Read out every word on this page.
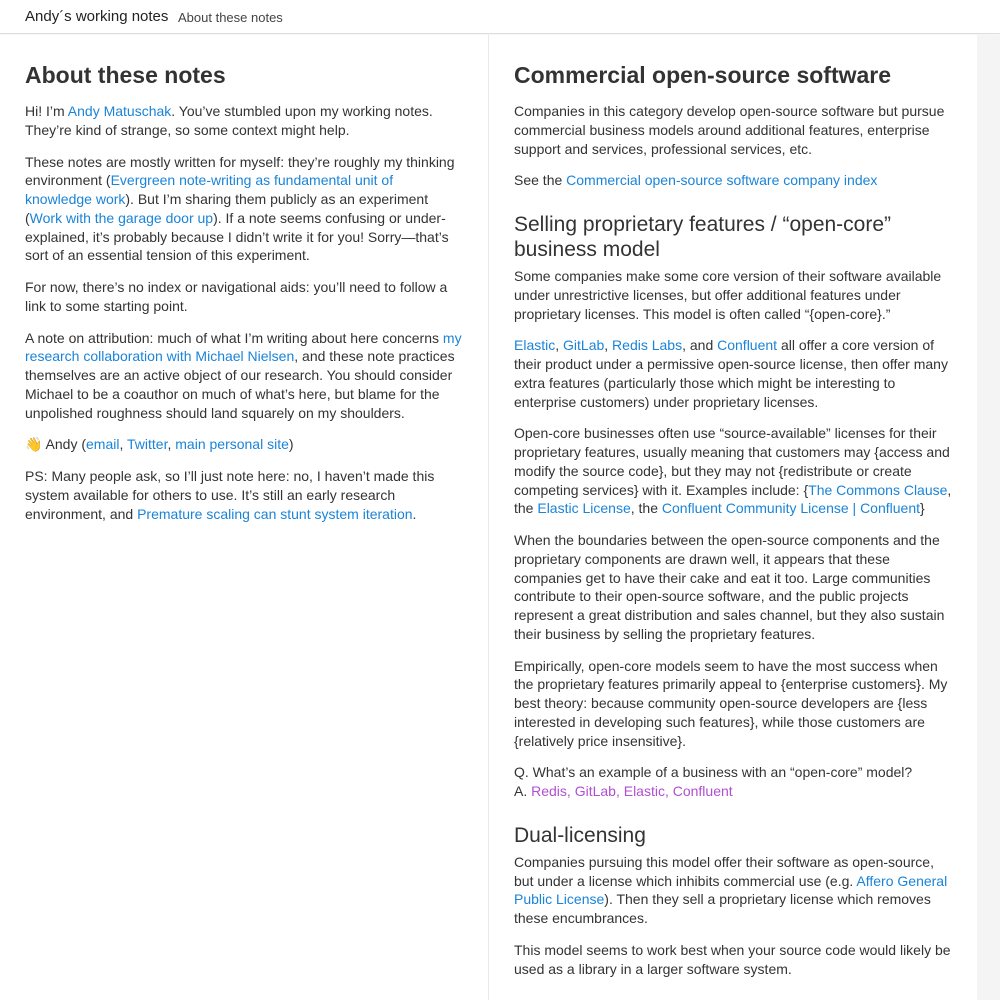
Andy´s working notes About these notes
About these notes

Hi! I’m Andy Matuschak. You’ve stumbled upon my working notes. They’re kind of strange, so some context might help.

These notes are mostly written for myself: they’re roughly my thinking environment (Evergreen note-writing as fundamental unit of knowledge work). But I’m sharing them publicly as an experiment (Work with the garage door up). If a note seems confusing or under-explained, it’s probably because I didn’t write it for you! Sorry—that’s sort of an essential tension of this experiment.

For now, there’s no index or navigational aids: you’ll need to follow a link to some starting point.

A note on attribution: much of what I’m writing about here concerns my research collaboration with Michael Nielsen, and these note practices themselves are an active object of our research. You should consider Michael to be a coauthor on much of what’s here, but blame for the unpolished roughness should land squarely on my shoulders.

👋 Andy (email, Twitter, main personal site)

PS: Many people ask, so I’ll just note here: no, I haven’t made this system available for others to use. It’s still an early research environment, and Premature scaling can stunt system iteration.

Commercial open-source software

Companies in this category develop open-source software but pursue commercial business models around additional features, enterprise support and services, professional services, etc.

See the Commercial open-source software company index

Selling proprietary features / “open-core” business model

Some companies make some core version of their software available under unrestrictive licenses, but offer additional features under proprietary licenses. This model is often called “{open-core}.”

Elastic, GitLab, Redis Labs, and Confluent all offer a core version of their product under a permissive open-source license, then offer many extra features (particularly those which might be interesting to enterprise customers) under proprietary licenses.

Open-core businesses often use “source-available” licenses for their proprietary features, usually meaning that customers may {access and modify the source code}, but they may not {redistribute or create competing services} with it. Examples include: {The Commons Clause, the Elastic License, the Confluent Community License | Confluent}

When the boundaries between the open-source components and the proprietary components are drawn well, it appears that these companies get to have their cake and eat it too. Large communities contribute to their open-source software, and the public projects represent a great distribution and sales channel, but they also sustain their business by selling the proprietary features.

Empirically, open-core models seem to have the most success when the proprietary features primarily appeal to {enterprise customers}. My best theory: because community open-source developers are {less interested in developing such features}, while those customers are {relatively price insensitive}.

Q. What’s an example of a business with an “open-core” model?
A. Redis, GitLab, Elastic, Confluent

Dual-licensing

Companies pursuing this model offer their software as open-source, but under a license which inhibits commercial use (e.g. Affero General Public License). Then they sell a proprietary license which removes these encumbrances.

This model seems to work best when your source code would likely be used as a library in a larger software system.
